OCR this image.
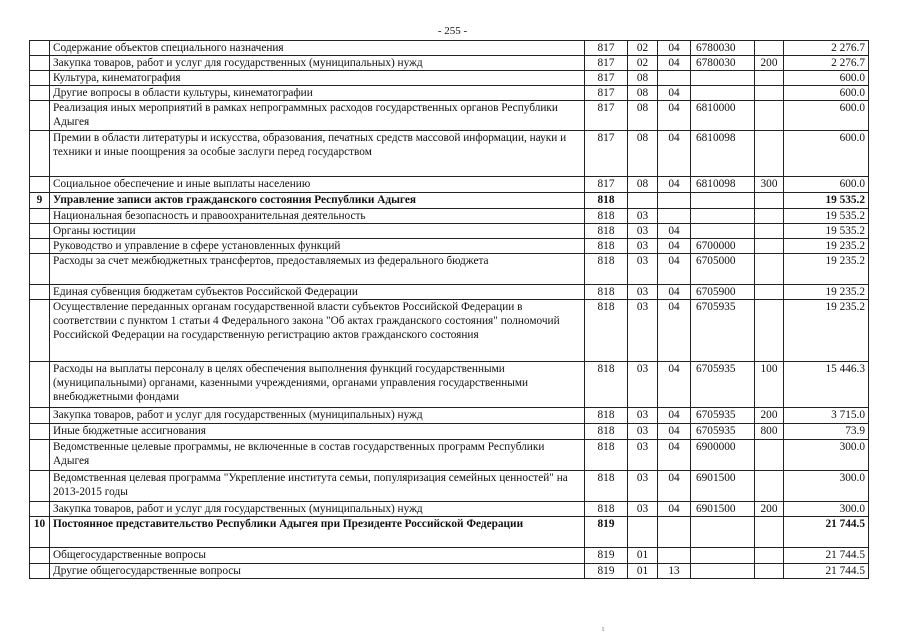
- 255 -
	Содержание объектов специального назначения	817	02	04	6780030		2 276.7
	Закупка товаров, работ и услуг для государственных (муниципальных) нужд	817	02	04	6780030	200	2 276.7
	Культура, кинематография	817	08				600.0
	Другие вопросы в области культуры, кинематографии	817	08	04			600.0
	Реализация иных мероприятий в рамках непрограммных расходов государственных органов Республики Адыгея	817	08	04	6810000		600.0
	Премии в области литературы и искусства, образования, печатных средств массовой информации, науки и техники и иные поощрения за особые заслуги перед государством	817	08	04	6810098		600.0
	Социальное обеспечение и иные выплаты населению	817	08	04	6810098	300	600.0
9	Управление записи актов гражданского состояния Республики Адыгея	818					19 535.2
	Национальная безопасность и правоохранительная деятельность	818	03				19 535.2
	Органы юстиции	818	03	04			19 535.2
	Руководство и управление в сфере установленных функций	818	03	04	6700000		19 235.2
	Расходы за счет межбюджетных трансфертов, предоставляемых из федерального бюджета	818	03	04	6705000		19 235.2
	Единая субвенция бюджетам субъектов Российской Федерации	818	03	04	6705900		19 235.2
	Осуществление переданных органам государственной власти субъектов Российской Федерации в соответствии с пунктом 1 статьи 4 Федерального закона "Об актах гражданского состояния" полномочий Российской Федерации на государственную регистрацию актов гражданского состояния	818	03	04	6705935		19 235.2
	Расходы на выплаты персоналу в целях обеспечения выполнения функций государственными (муниципальными) органами, казенными учреждениями, органами управления государственными внебюджетными фондами	818	03	04	6705935	100	15 446.3
	Закупка товаров, работ и услуг для государственных (муниципальных) нужд	818	03	04	6705935	200	3 715.0
	Иные бюджетные ассигнования	818	03	04	6705935	800	73.9
	Ведомственные целевые программы, не включенные в состав государственных программ Республики Адыгея	818	03	04	6900000		300.0
	Ведомственная целевая программа "Укрепление института семьи, популяризация семейных ценностей" на 2013-2015 годы	818	03	04	6901500		300.0
	Закупка товаров, работ и услуг для государственных (муниципальных) нужд	818	03	04	6901500	200	300.0
10	Постоянное представительство Республики Адыгея при Президенте Российской Федерации	819					21 744.5
	Общегосударственные вопросы	819	01				21 744.5
	Другие общегосударственные вопросы	819	01	13			21 744.5
ι
